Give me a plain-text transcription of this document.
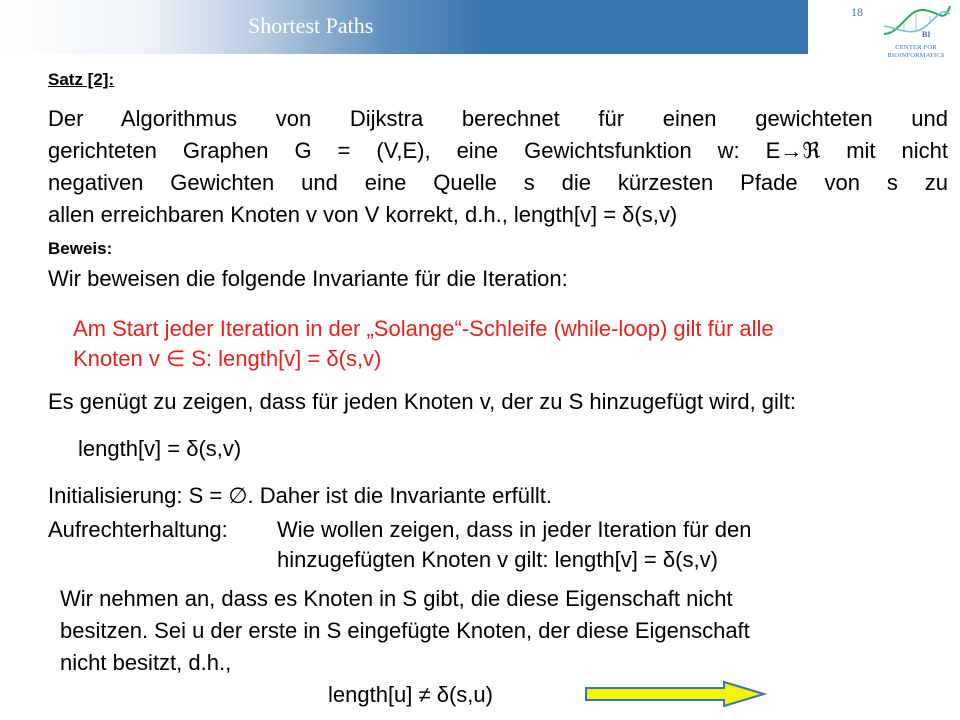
Shortest Paths
18
BI
CENTER FOR
BIOINFORMATICS
Satz [2]:
Der Algorithmus von Dijkstra berechnet für einen gewichteten und
gerichteten Graphen G = (V,E), eine Gewichtsfunktion w: E→ℜ mit nicht
negativen Gewichten und eine Quelle s die kürzesten Pfade von s zu
allen erreichbaren Knoten v von V korrekt, d.h., length[v] = δ(s,v)
Beweis:
Wir beweisen die folgende Invariante für die Iteration:
Am Start jeder Iteration in der „Solange“-Schleife (while-loop) gilt für alle
Knoten v ∈ S: length[v] = δ(s,v)
Es genügt zu zeigen, dass für jeden Knoten v, der zu S hinzugefügt wird, gilt:
length[v] = δ(s,v)
Initialisierung: S = ∅. Daher ist die Invariante erfüllt.
Aufrechterhaltung: Wie wollen zeigen, dass in jeder Iteration für den
hinzugefügten Knoten v gilt: length[v] = δ(s,v)
Wir nehmen an, dass es Knoten in S gibt, die diese Eigenschaft nicht
besitzen. Sei u der erste in S eingefügte Knoten, der diese Eigenschaft
nicht besitzt, d.h.,
length[u] ≠ δ(s,u)
